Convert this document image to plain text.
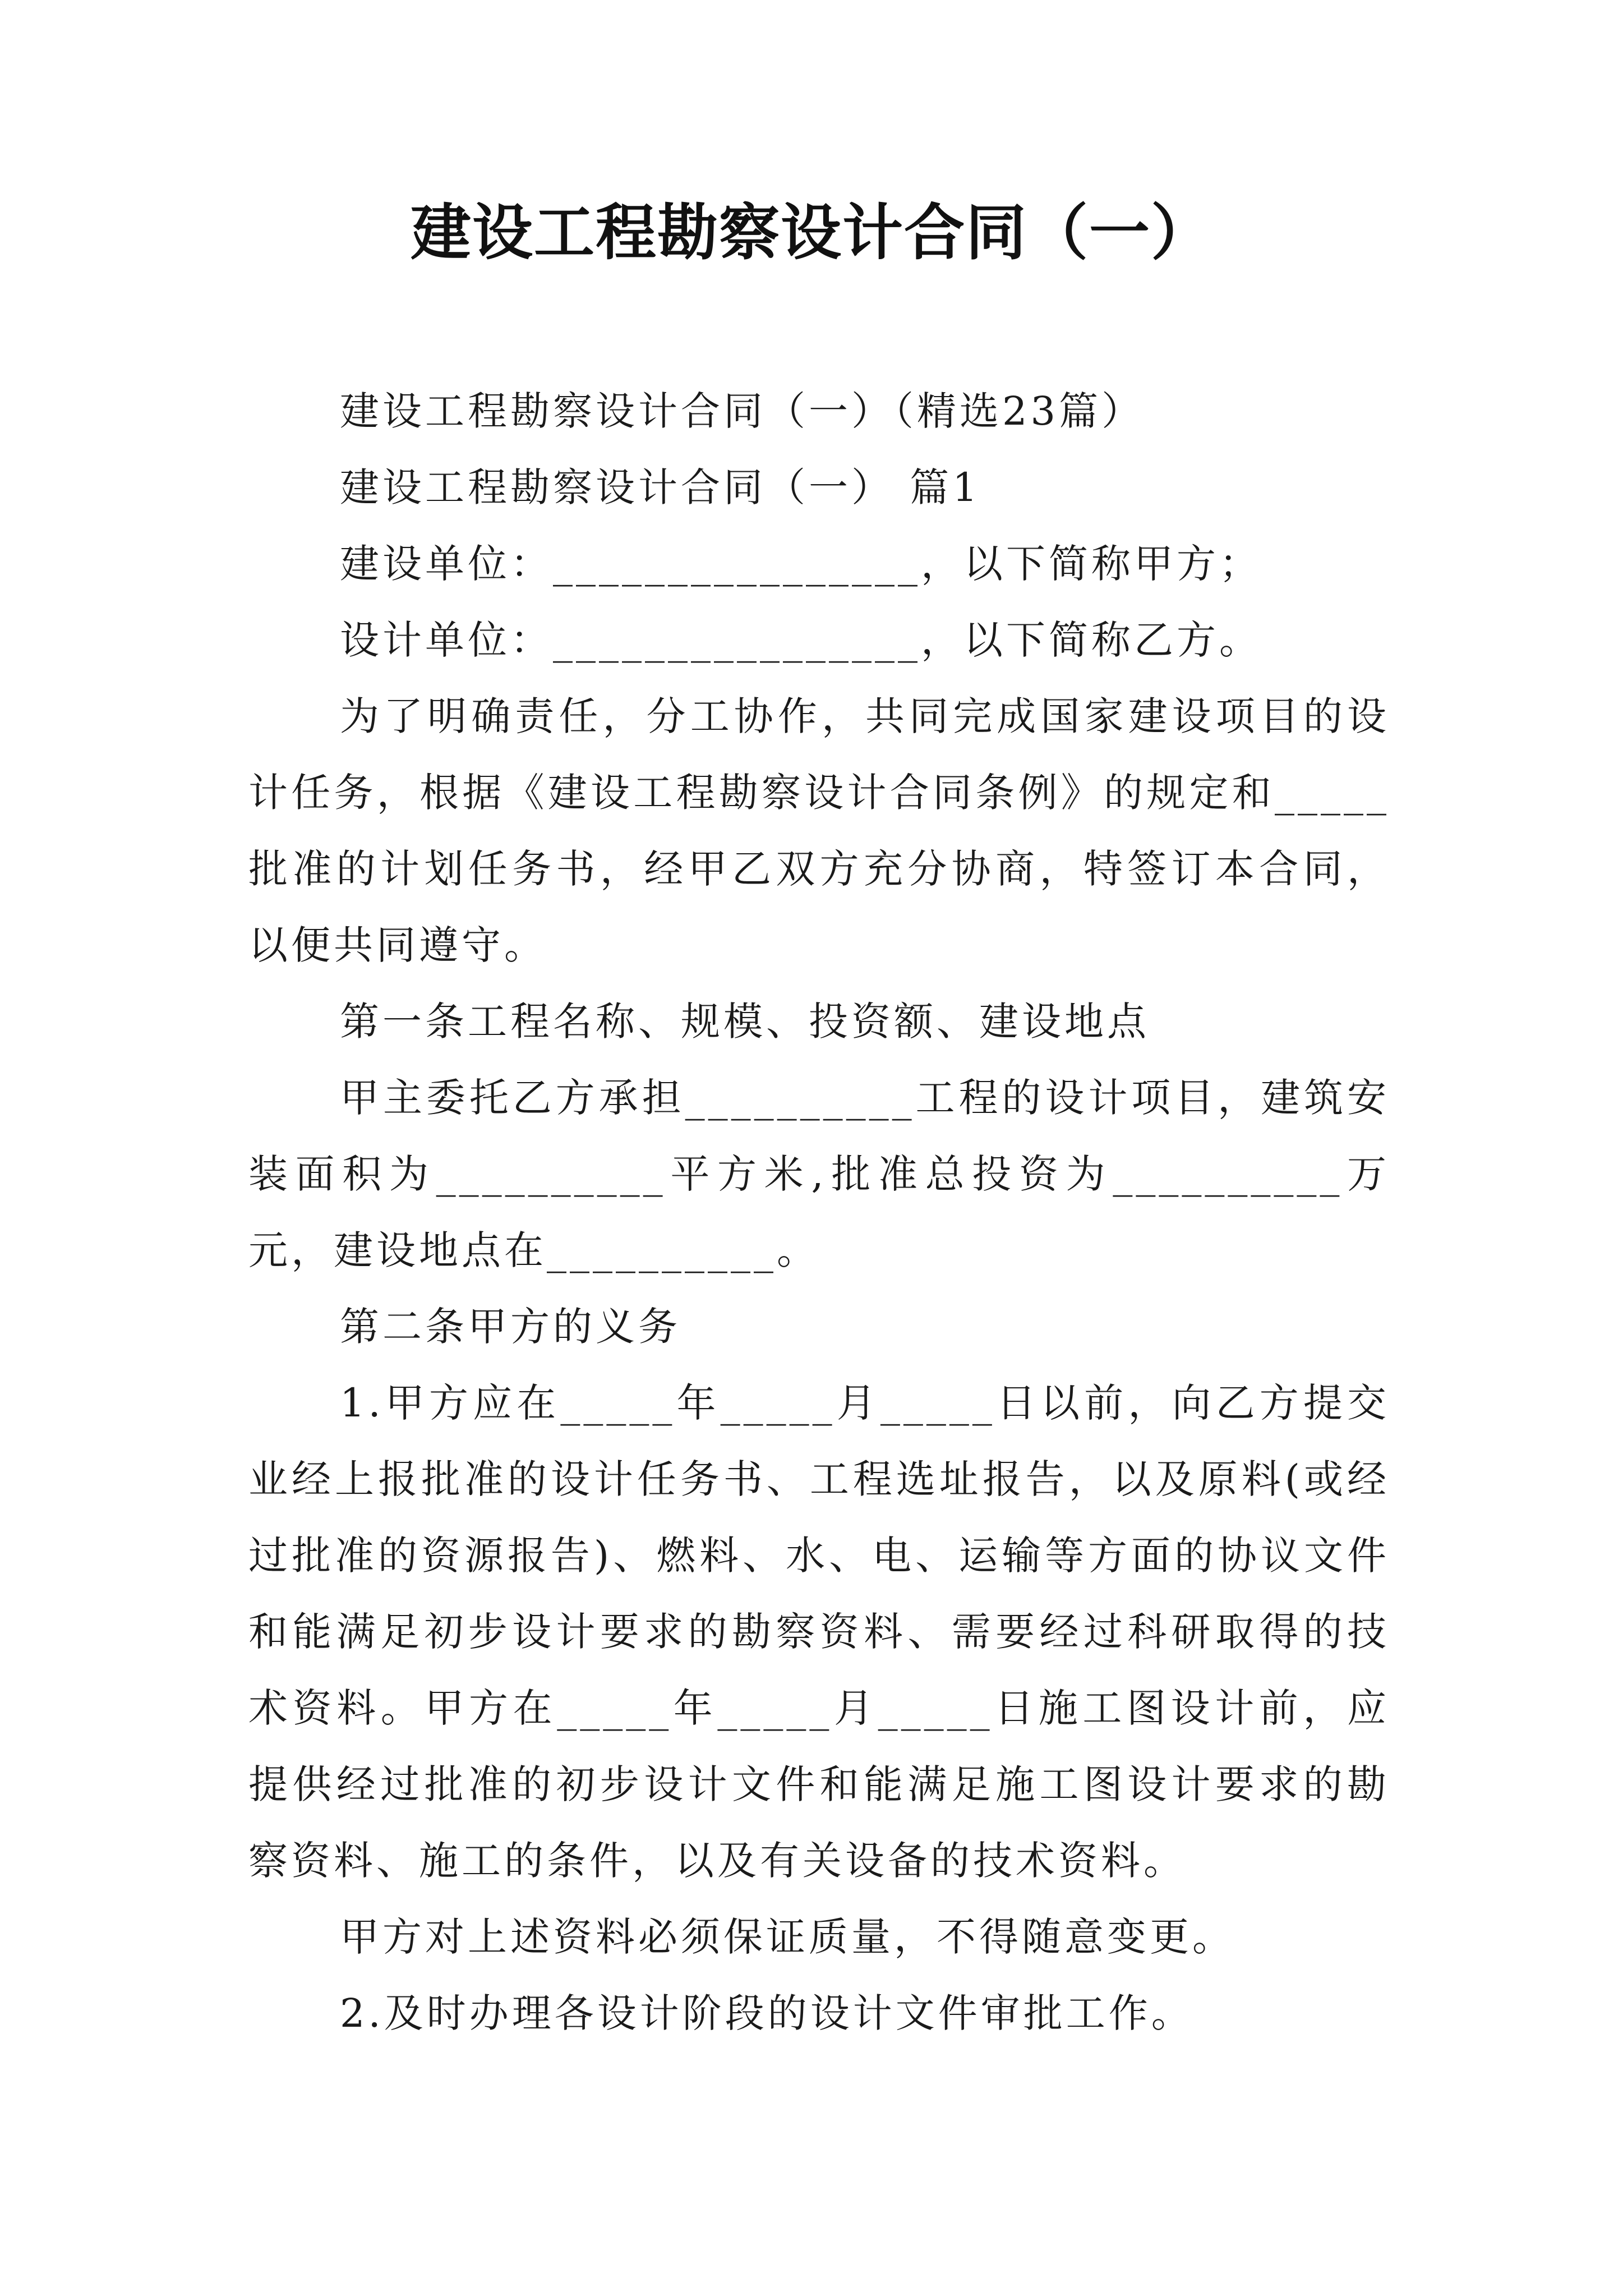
建设工程勘察设计合同（一）

建设工程勘察设计合同（一）（精选23篇）

建设工程勘察设计合同（一） 篇1

建设单位：________________，以下简称甲方；

设计单位：________________，以下简称乙方。

为了明确责任，分工协作，共同完成国家建设项目的设计任务，根据《建设工程勘察设计合同条例》的规定和_____批准的计划任务书，经甲乙双方充分协商，特签订本合同，以便共同遵守。

第一条工程名称、规模、投资额、建设地点

甲主委托乙方承担__________工程的设计项目，建筑安装面积为__________平方米,批准总投资为__________万元，建设地点在__________。

第二条甲方的义务

1.甲方应在_____年_____月_____日以前，向乙方提交业经上报批准的设计任务书、工程选址报告，以及原料(或经过批准的资源报告)、燃料、水、电、运输等方面的协议文件和能满足初步设计要求的勘察资料、需要经过科研取得的技术资料。甲方在_____年_____月_____日施工图设计前，应提供经过批准的初步设计文件和能满足施工图设计要求的勘察资料、施工的条件，以及有关设备的技术资料。

甲方对上述资料必须保证质量，不得随意变更。

2.及时办理各设计阶段的设计文件审批工作。
